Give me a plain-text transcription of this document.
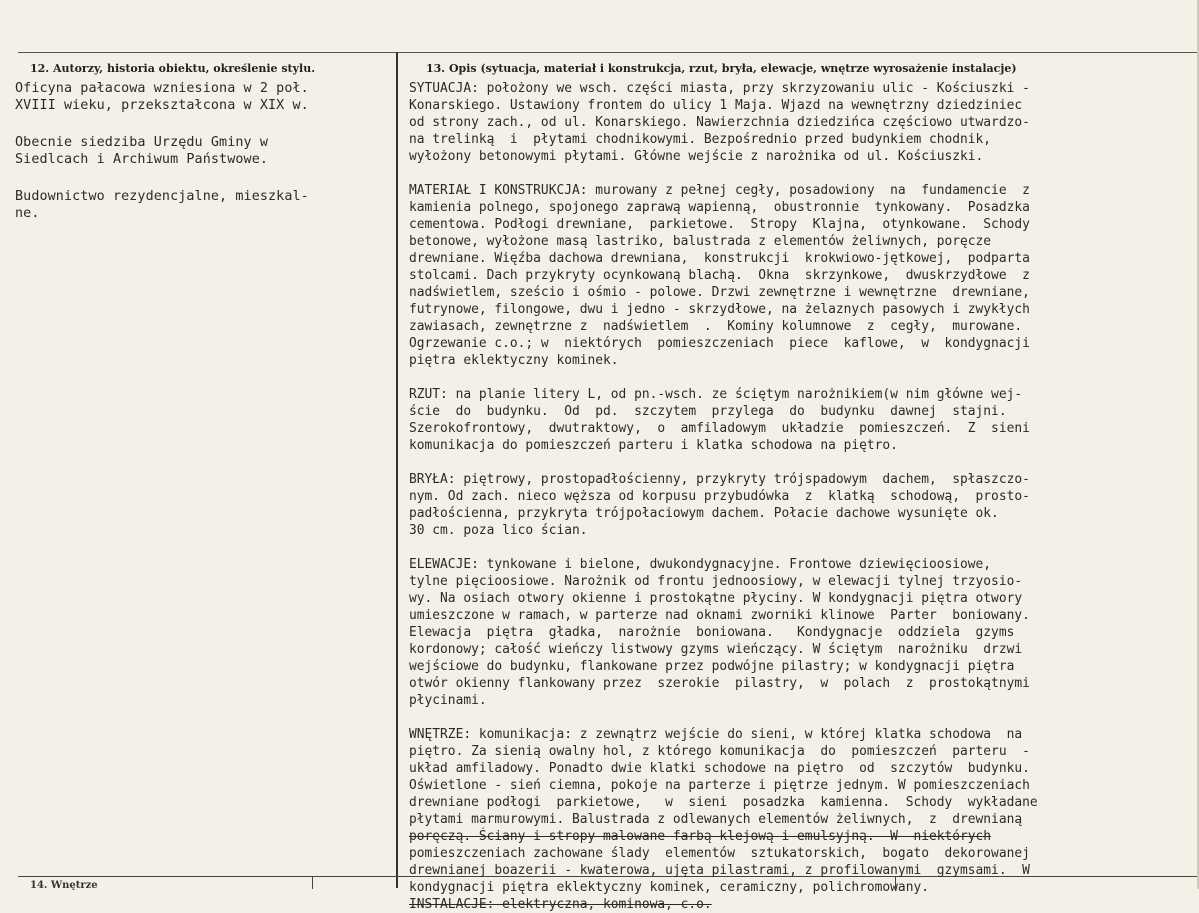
12. Autorzy, historia obiektu, określenie stylu.	13. Opis (sytuacja, materiał i konstrukcja, rzut, bryła, elewacje, wnętrze wyrosażenie instalacje)

Oficyna pałacowa wzniesiona w 2 poł.
XVIII wieku, przekształcona w XIX w.

Obecnie siedziba Urzędu Gminy w
Siedlcach i Archiwum Państwowe.

Budownictwo rezydencjalne, mieszkal-
ne.

SYTUACJA: położony we wsch. części miasta, przy skrzyzowaniu ulic - Kościuszki -
Konarskiego. Ustawiony frontem do ulicy 1 Maja. Wjazd na wewnętrzny dziedziniec
od strony zach., od ul. Konarskiego. Nawierzchnia dziedzińca częściowo utwardzo-
na trelinką  i  płytami chodnikowymi. Bezpośrednio przed budynkiem chodnik,
wyłożony betonowymi płytami. Główne wejście z narożnika od ul. Kościuszki.
MATERIAŁ I KONSTRUKCJA: murowany z pełnej cegły, posadowiony  na  fundamencie  z
kamienia polnego, spojonego zaprawą wapienną,  obustronnie  tynkowany.  Posadzka
cementowa. Podłogi drewniane,  parkietowe.  Stropy  Klajna,  otynkowane.  Schody
betonowe, wyłożone masą lastriko, balustrada z elementów żeliwnych, poręcze
drewniane. Więźba dachowa drewniana,  konstrukcji  krokwiowo-jętkowej,  podparta
stolcami. Dach przykryty ocynkowaną blachą.  Okna  skrzynkowe,  dwuskrzydłowe  z
nadświetlem, sześcio i ośmio - polowe. Drzwi zewnętrzne i wewnętrzne  drewniane,
futrynowe, filongowe, dwu i jedno - skrzydłowe, na żelaznych pasowych i zwykłych
zawiasach, zewnętrzne z  nadświetlem  .  Kominy kolumnowe  z  cegły,  murowane.
Ogrzewanie c.o.; w  niektórych  pomieszczeniach  piece  kaflowe,  w  kondygnacji
piętra eklektyczny kominek.
RZUT: na planie litery L, od pn.-wsch. ze ściętym narożnikiem(w nim główne wej-
ście  do  budynku.  Od  pd.  szczytem  przylega  do  budynku  dawnej  stajni.
Szerokofrontowy,  dwutraktowy,  o  amfiladowym  układzie  pomieszczeń.  Z  sieni
komunikacja do pomieszczeń parteru i klatka schodowa na piętro.
BRYŁA: piętrowy, prostopadłościenny, przykryty trójspadowym  dachem,  spłaszczo-
nym. Od zach. nieco węższa od korpusu przybudówka  z  klatką  schodową,  prosto-
padłościenna, przykryta trójpołaciowym dachem. Połacie dachowe wysunięte ok.
30 cm. poza lico ścian.
ELEWACJE: tynkowane i bielone, dwukondygnacyjne. Frontowe dziewięcioosiowe,
tylne pięcioosiowe. Narożnik od frontu jednoosiowy, w elewacji tylnej trzyosio-
wy. Na osiach otwory okienne i prostokątne płyciny. W kondygnacji piętra otwory
umieszczone w ramach, w parterze nad oknami zworniki klinowe  Parter  boniowany.
Elewacja  piętra  gładka,  narożnie  boniowana.   Kondygnacje  oddziela  gzyms
kordonowy; całość wieńczy listwowy gzyms wieńczący. W ściętym  narożniku  drzwi
wejściowe do budynku, flankowane przez podwójne pilastry; w kondygnacji piętra
otwór okienny flankowany przez  szerokie  pilastry,  w  polach  z  prostokątnymi
płycinami.
WNĘTRZE: komunikacja: z zewnątrz wejście do sieni, w której klatka schodowa  na
piętro. Za sienią owalny hol, z którego komunikacja  do  pomieszczeń  parteru  -
układ amfiladowy. Ponadto dwie klatki schodowe na piętro  od  szczytów  budynku.
Oświetlone - sień ciemna, pokoje na parterze i piętrze jednym. W pomieszczeniach
drewniane podłogi  parkietowe,   w  sieni  posadzka  kamienna.  Schody  wykładane
płytami marmurowymi. Balustrada z odlewanych elementów żeliwnych,  z  drewnianą
poręczą. Ściany i stropy malowane farbą klejową i emulsyjną.  W  niektórych
pomieszczeniach zachowane ślady  elementów  sztukatorskich,  bogato  dekorowanej
drewnianej boazerii - kwaterowa, ujęta pilastrami, z profilowanymi  gzymsami.  W
kondygnacji piętra eklektyczny kominek, ceramiczny, polichromowany.
INSTALACJE: elektryczna, kominowa, c.o.
14. Wnętrze
